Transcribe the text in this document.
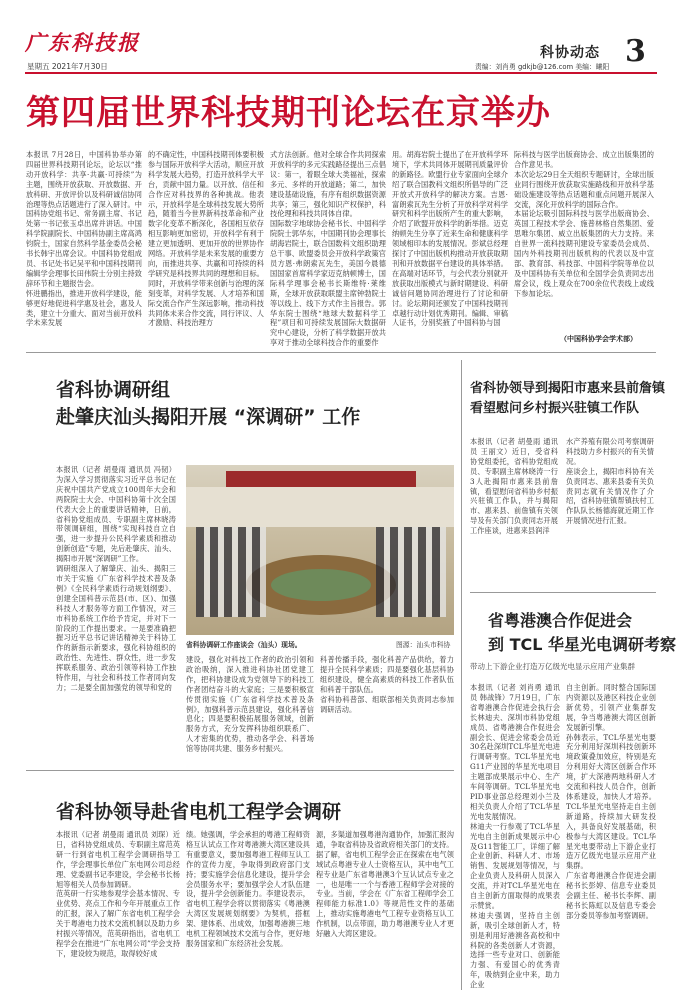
广东科技报
星期五 2021年7月30日
科协动态 3
责编：刘肖勇 gdkjb@126.com 美编：曦阳
第四届世界科技期刊论坛在京举办
本报讯 7月28日，中国科协举办第四届世界科技期刊论坛，论坛以“推动开放科学：共享·共赢·可持续”为主题，围绕开放获取、开放数据、开放科研、开放评价以及科研诚信协同治理等热点话题进行了深入研讨。中国科协党组书记、常务副主席、书记处第一书记张玉卓出席并讲话。中国科学院副院长、中国科协副主席高鸿钧院士，国家自然科学基金委员会秘书长韩宇出席会议。中国科协党组成员、书记处书记吴平和中国科技期刊编辑学会理事长田伟院士分别主持致辞环节和主题报告会。
怀进鹏指出，推进开放科学建设，能够更好地促进科学惠及社会，惠及人类，建立十分重大、面对当前开放科学未来发展
的不确定性，中国科技期刊体要积极参与国际开放科学大活动，顺应开放科学发展大趋势，打造开放科学大平台，贡献中国力量。以开放、信任和合作应对科技界的各种挑战。他表示，开放科学是全球科技发展大势所趋，随着当今世界新科技革命和产业数字化变革不断深化，各国相互依存相互影响更加密切，开放科学有利于建立更加透明、更加开放的世界协作网络。开放科学是未来发展的重要方向，而推进共享、共赢和可持续的科学研究是科技界共同的理想和目标。同时，开放科学带来创新与治理的深刻变革，对科学发展、人才培养和国际交流合作产生深远影响，推动科技共同体未来合作交流，同行评议、人才激励、科技治理方
式方法创新。他对全球合作共同探索开放科学的多元实践路径提出三点倡议：第一，着眼全球大类福祉，探索多元、多样的开放道路；第二，加快建设基础设施，有序有组织数据资源共享；第三，强化知识产权保护，科技伦理和科技共同体自律。
国际数字地球协会秘书长、中国科学院院士郭华东，中国期刊协会理事长胡海岩院士，联合国数科文组织助理总干事、欧盟委员会开放科学政策官员方恩·弗朗索瓦先生，美国今晨德国国家首席科学家迈克纳顿博士，国际科学理事会秘书长斯维特·莱维斯，全球开放获取联盟主席钟勃院士等以线上、线下方式作主旨报告。郭华东院士围绕“地球大数据科学工程”项目和可持续发展国际大数据研究中心建设，分析了科学数据开放共享对于推动全球科技合作的重要作
用。胡海岩院士提出了在开放科学环境下，学术共同体开展期刊质量评价的新路径。欧盟行业专家面向全球介绍了联合国教科文组织所倡导的广泛开放式开放科学的解决方案。吉恩·富朗索瓦先生分析了开放科学对科学研究和科学出版所产生的重大影响，介绍了欧盟开放科学的新举措。迈克纳顿先生分享了近来生命和健康科学领域相印本的发展情况。彭斌总经理探讨了中国出版机构推动开放获取期刊和开放数据平台建设的具体举措。
在高端对话环节，与会代表分别就开放获取出版模式与新时期建设、科研诚信问题协同治理进行了讨论和研讨。论坛期间还颁发了中国科技期刊卓越行动计划优秀期刊。编辑、审稿人证书，分别奖掖了中国科协与国
际科技与医学出版商协会、成立出版集团的合作意见书。
本次论坛29日全天组织专题研讨，全球出版业同行围绕开放获取实施路线和开放科学基础设施建设等热点话题和重点问题开展深入交流，深化开放科学的国际合作。
本届论坛吸引国际科技与医学出版商协会、英国工程技术学会、施普林格自然集团、爱思唯尔集团、威立出版集团的大力支持。来自世界一流科技期刊建设专家委员会成员、国内外科技期刊出版机构的代表以及中宣部、教育部、科技部、中国科学院等单位以及中国科协有关单位和全国学会负责同志出席会议，线上观众在700余位代表线上或线下参加论坛。
（中国科协学会学术部）
省科协调研组
赴肇庆汕头揭阳开展 “深调研” 工作
本报讯（记者 胡曼雨 通讯员 冯韧）为深入学习贯彻落实习近平总书记在庆祝中国共产党成立100周年大会和两院院士大会、中国科协第十次全国代表大会上的重要讲话精神，日前，省科协党组成员、专职副主席林晓涛带领调研组，围绕“实现科技自立自强，进一步提升公民科学素质和推动创新创造”专题，先后赴肇庆、汕头、揭阳市开展“深调研”工作。
调研组深入了解肇庆、汕头、揭阳三市关于实施《广东省科学技术普及条例》《全民科学素质行动规划纲要》、创建全国科普示范县(市、区)、加强科技人才服务等方面工作情况，对三市科协系统工作给予肯定，并对下一阶段的工作提出要求。一是要准确把握习近平总书记讲话精神关于科协工作的新指示新要求，强化科协组织的政治性、先进性、群众性，进一步发挥联系服务、政治引领等科协工作独特作用，与社会和科技工作者同向发力；二是要全面加强党的领导和党的
省科协调研工作座谈会（汕头）现场。	图源：汕头市科协
建设，强化对科技工作者的政治引领和政治吸纳，深入推进科协社团党建工作，把科协建设成为党领导下的科技工作者团结奋斗的大家庭；三是要积极宣传贯彻实施《广东省科学技术普及条例》，加强科普示范县建设，强化科普信息化；四是要积极拓展服务领域，创新服务方式，充分发挥科协组织联系广、人才密集的优势，推动各学会、科普场馆等协同共建、服务乡村振兴。
科普传播手段，强化科普产品供给，着力提升全民科学素质；四是要强化基层科协组织建设，健全高素质的科技工作者队伍和科普干部队伍。
省科协科普部、组联部相关负责同志参加调研活动。
省科协领导到揭阳市惠来县前詹镇
看望慰问乡村振兴驻镇工作队
本报讯（记者 胡曼雨 通讯员 王丽文）近日，受省科协党组委托，省科协党组成员、专职副主席林晓涛一行3人赴揭阳市惠来县前詹镇，看望慰问省科协乡村振兴驻镇工作队，并与揭阳市、惠来县、前詹镇有关领导及有关部门负责同志开展工作座谈，进惠来县润洋
水产养殖有限公司考察调研科技助力乡村振兴的有关情况。
座谈会上，揭阳市科协有关负责同志、惠来县委有关负责同志就有关情况作了介绍，省科协驻镇帮镇扶村工作队队长杨德海就近期工作开展情况进行汇报。
省粤港澳合作促进会
到 TCL 华星光电调研考察
带动上下游企业打造万亿级光电显示应用产业集群
本报讯（记者 刘肖勇 通讯员 韩战锋）7月19日，广东省粤港澳合作促进会执行会长林迪夫、深圳市科协党组成员、省粤港澳合作促进会副会长、促进会常委会员近30名赴深圳TCL华星光电进行调研考察。TCL华星光电G11产业园的华星光电项目主题部成果展示中心、生产车间等调研。TCL华星光电PID事业部总经理刘小兰及相关负责人介绍了TCL华星光电发展情况。
林迪夫一行参观了TCL华星光电自主创新成果展示中心及G11智能工厂，详细了解企业创新、科研人才、市场销售、发展规划等情况，与企业负责人及科研人员深入交流，并对TCL华星光电在自主创新方面取得的成果表示赞赏。
林迪夫强调，坚持自主创新，吸引全球创新人才，特别是利用好港澳各高校和中科院的各类创新人才资源，选择一些专业对口、创新能力强、有爱国心的优秀青年，吸纳到企业中来，助力企业
自主创新。同时整合国际国内资源以及港区科技企业创新优势，引领产业集群发展，争当粤港澳大湾区创新发展新引擎。
孙韩表示，TCL华星光电要充分利用好深圳科技创新环境政策叠加效应，特别是充分利用好大湾区创新合作环境，扩大深港两地科研人才交流和科技人员合作，创新体系建设，加快人才培养。TCL华星光电坚持走自主创新道路，持续加大研发投入，具备良好发展基础，积极参与大湾区建设。TCL华星光电要带动上下游企业打造万亿级光电显示应用产业集群。
广东省粤港澳合作促进会副秘书长彭婷、信息专业委员会副主任、秘书长李辉、副秘书长陈虹以及信息专委会部分委员等参加考察调研。
省科协领导赴省电机工程学会调研
本报讯（记者 胡曼雨 通讯员 刘琛）近日，省科协党组成员、专职副主席范英研一行到省电机工程学会调研指导工作，学会理事长单位广东电网公司总经理、党委副书记李建设，学会秘书长杨旭等相关人员参加调研。
范英研一行实地参观学会基本情况、专业优势、亮点工作和今年开展重点工作的汇报，深入了解广东省电机工程学会关于粤港电力技术交流机制以及助力乡村振兴等情况，范英研指出，省电机工程学会在推进“广东电网公司”学会支持下，建设较为规范，取得较好成
绩。她强调，学会承担的粤港工程师资格互认试点工作对粤港澳大湾区建设具有重要意义，要加强粤港工程师互认工作的宣传力度，争取得到政府部门支持；要实施学会信息化建设，提升学会会员服务水平；要加强学会人才队伍建设，提升学会创新能力。李建设表示，省电机工程学会将以贯彻落实《粤港澳大湾区发展规划纲要》为契机，搭框架、建体系、出成效，加强粤港澳三地电机工程领域技术交流与合作，更好地服务国家和广东经济社会发展。
源，多渠道加强粤港沟通协作，加强汇报沟通，争取省科协及省政府相关部门的支持。
据了解，省电机工程学会正在探索在电气领域试点粤港专业人士资格互认，其中电气工程专业是广东省粤港澳3个互认试点专业之一，也是唯一一个与香港工程师学会对接的专业。当前，学会在《广东省工程师学会工程师能力标准1.0》等规范性文件的基础上，推动实施粤港电气工程专业资格互认工作机制，以点带面，助力粤港澳专业人才更好融入大湾区建设。
